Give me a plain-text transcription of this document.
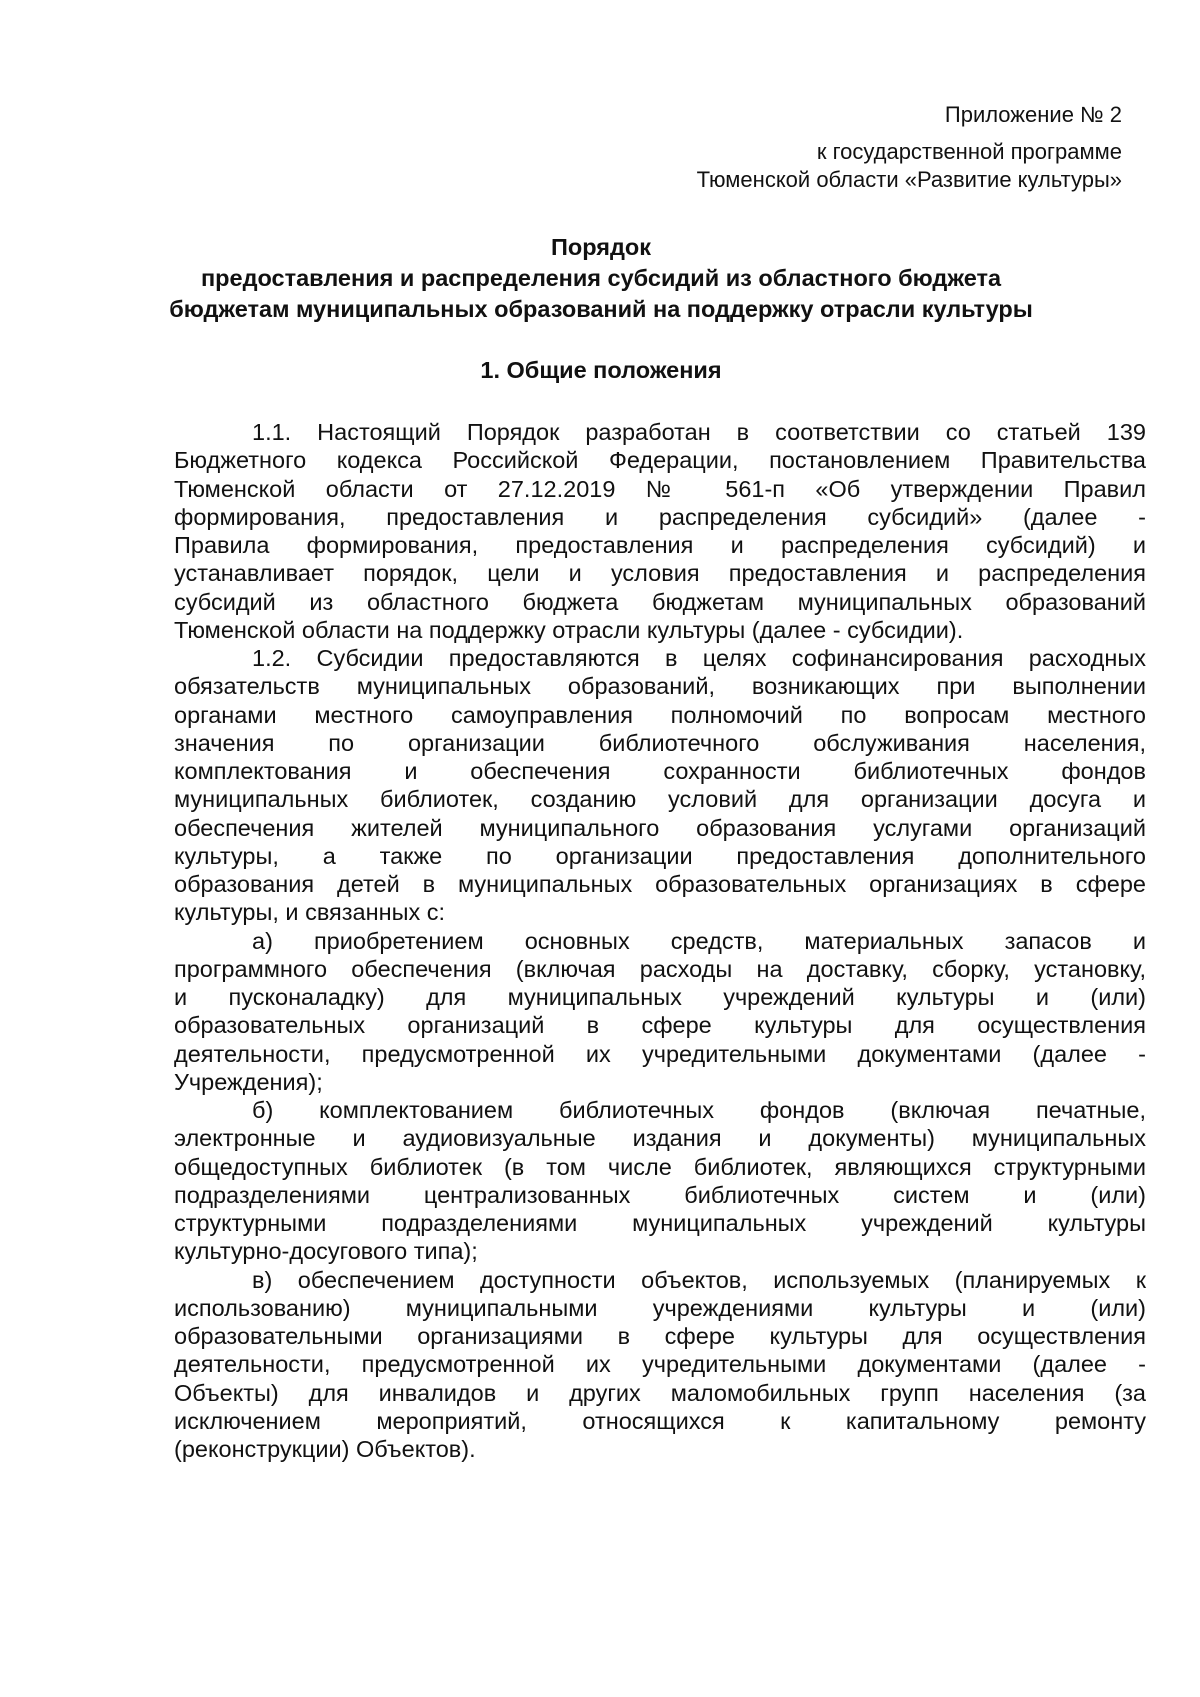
Приложение № 2
к государственной программе
Тюменской области «Развитие культуры»
Порядок
предоставления и распределения субсидий из областного бюджета
бюджетам муниципальных образований на поддержку отрасли культуры
1. Общие положения
1.1. Настоящий Порядок разработан в соответствии со статьей 139
Бюджетного кодекса Российской Федерации, постановлением Правительства
Тюменской области от 27.12.2019 № 561-п «Об утверждении Правил
формирования, предоставления и распределения субсидий» (далее -
Правила формирования, предоставления и распределения субсидий) и
устанавливает порядок, цели и условия предоставления и распределения
субсидий из областного бюджета бюджетам муниципальных образований
Тюменской области на поддержку отрасли культуры (далее - субсидии).
1.2. Субсидии предоставляются в целях софинансирования расходных
обязательств муниципальных образований, возникающих при выполнении
органами местного самоуправления полномочий по вопросам местного
значения по организации библиотечного обслуживания населения,
комплектования и обеспечения сохранности библиотечных фондов
муниципальных библиотек, созданию условий для организации досуга и
обеспечения жителей муниципального образования услугами организаций
культуры, а также по организации предоставления дополнительного
образования детей в муниципальных образовательных организациях в сфере
культуры, и связанных с:
а) приобретением основных средств, материальных запасов и
программного обеспечения (включая расходы на доставку, сборку, установку,
и пусконаладку) для муниципальных учреждений культуры и (или)
образовательных организаций в сфере культуры для осуществления
деятельности, предусмотренной их учредительными документами (далее -
Учреждения);
б) комплектованием библиотечных фондов (включая печатные,
электронные и аудиовизуальные издания и документы) муниципальных
общедоступных библиотек (в том числе библиотек, являющихся структурными
подразделениями централизованных библиотечных систем и (или)
структурными подразделениями муниципальных учреждений культуры
культурно-досугового типа);
в) обеспечением доступности объектов, используемых (планируемых к
использованию) муниципальными учреждениями культуры и (или)
образовательными организациями в сфере культуры для осуществления
деятельности, предусмотренной их учредительными документами (далее -
Объекты) для инвалидов и других маломобильных групп населения (за
исключением мероприятий, относящихся к капитальному ремонту
(реконструкции) Объектов).
